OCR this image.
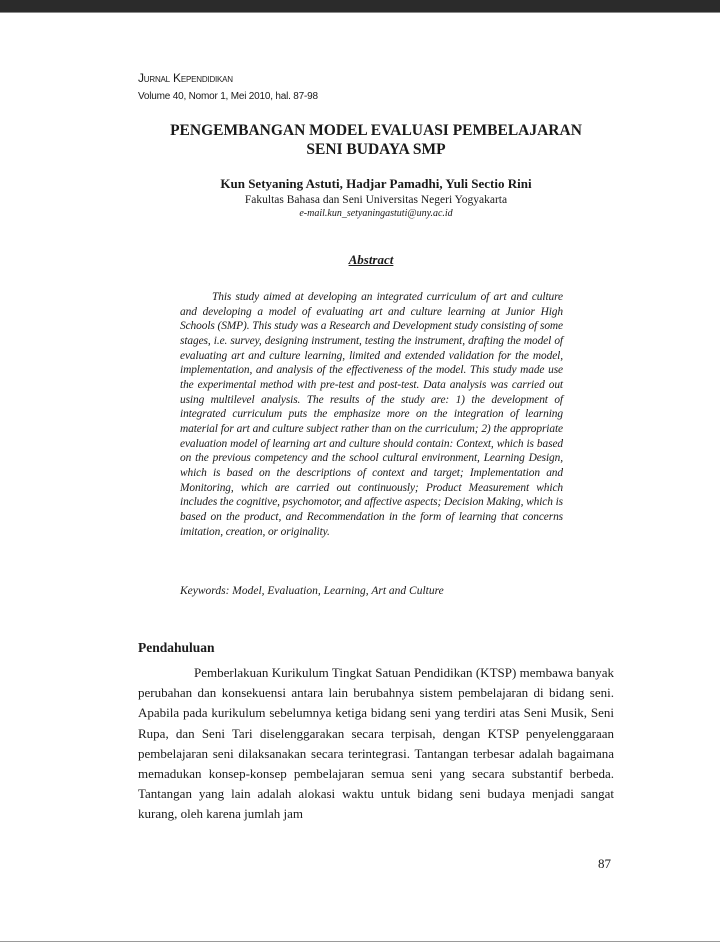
Jurnal Kependidikan
Volume 40, Nomor 1, Mei 2010, hal. 87-98
PENGEMBANGAN MODEL EVALUASI PEMBELAJARAN
SENI BUDAYA SMP
Kun Setyaning Astuti, Hadjar Pamadhi, Yuli Sectio Rini
Fakultas Bahasa dan Seni Universitas Negeri Yogyakarta
e-mail.kun_setyaningastuti@uny.ac.id
Abstract
This study aimed at developing an integrated curriculum of art and culture and developing a model of evaluating art and culture learning at Junior High Schools (SMP). This study was a Research and Development study consisting of some stages, i.e. survey, designing instrument, testing the instrument, drafting the model of evaluating art and culture learning, limited and extended validation for the model, implementation, and analysis of the effectiveness of the model. This study made use the experimental method with pre-test and post-test. Data analysis was carried out using multilevel analysis. The results of the study are: 1) the development of integrated curriculum puts the emphasize more on the integration of learning material for art and culture subject rather than on the curriculum; 2) the appropriate evaluation model of learning art and culture should contain: Context, which is based on the previous competency and the school cultural environment, Learning Design, which is based on the descriptions of context and target; Implementation and Monitoring, which are carried out continuously; Product Measurement which includes the cognitive, psychomotor, and affective aspects; Decision Making, which is based on the product, and Recommendation in the form of learning that concerns imitation, creation, or originality.
Keywords: Model, Evaluation, Learning, Art and Culture
Pendahuluan
Pemberlakuan Kurikulum Tingkat Satuan Pendidikan (KTSP) membawa banyak perubahan dan konsekuensi antara lain berubahnya sistem pembelajaran di bidang seni. Apabila pada kurikulum sebelumnya ketiga bidang seni yang terdiri atas Seni Musik, Seni Rupa, dan Seni Tari diselenggarakan secara terpisah, dengan KTSP penyelenggaraan pembelajaran seni dilaksanakan secara terintegrasi. Tantangan terbesar adalah bagaimana memadukan konsep-konsep pembelajaran semua seni yang secara substantif berbeda. Tantangan yang lain adalah alokasi waktu untuk bidang seni budaya menjadi sangat kurang, oleh karena jumlah jam
87
